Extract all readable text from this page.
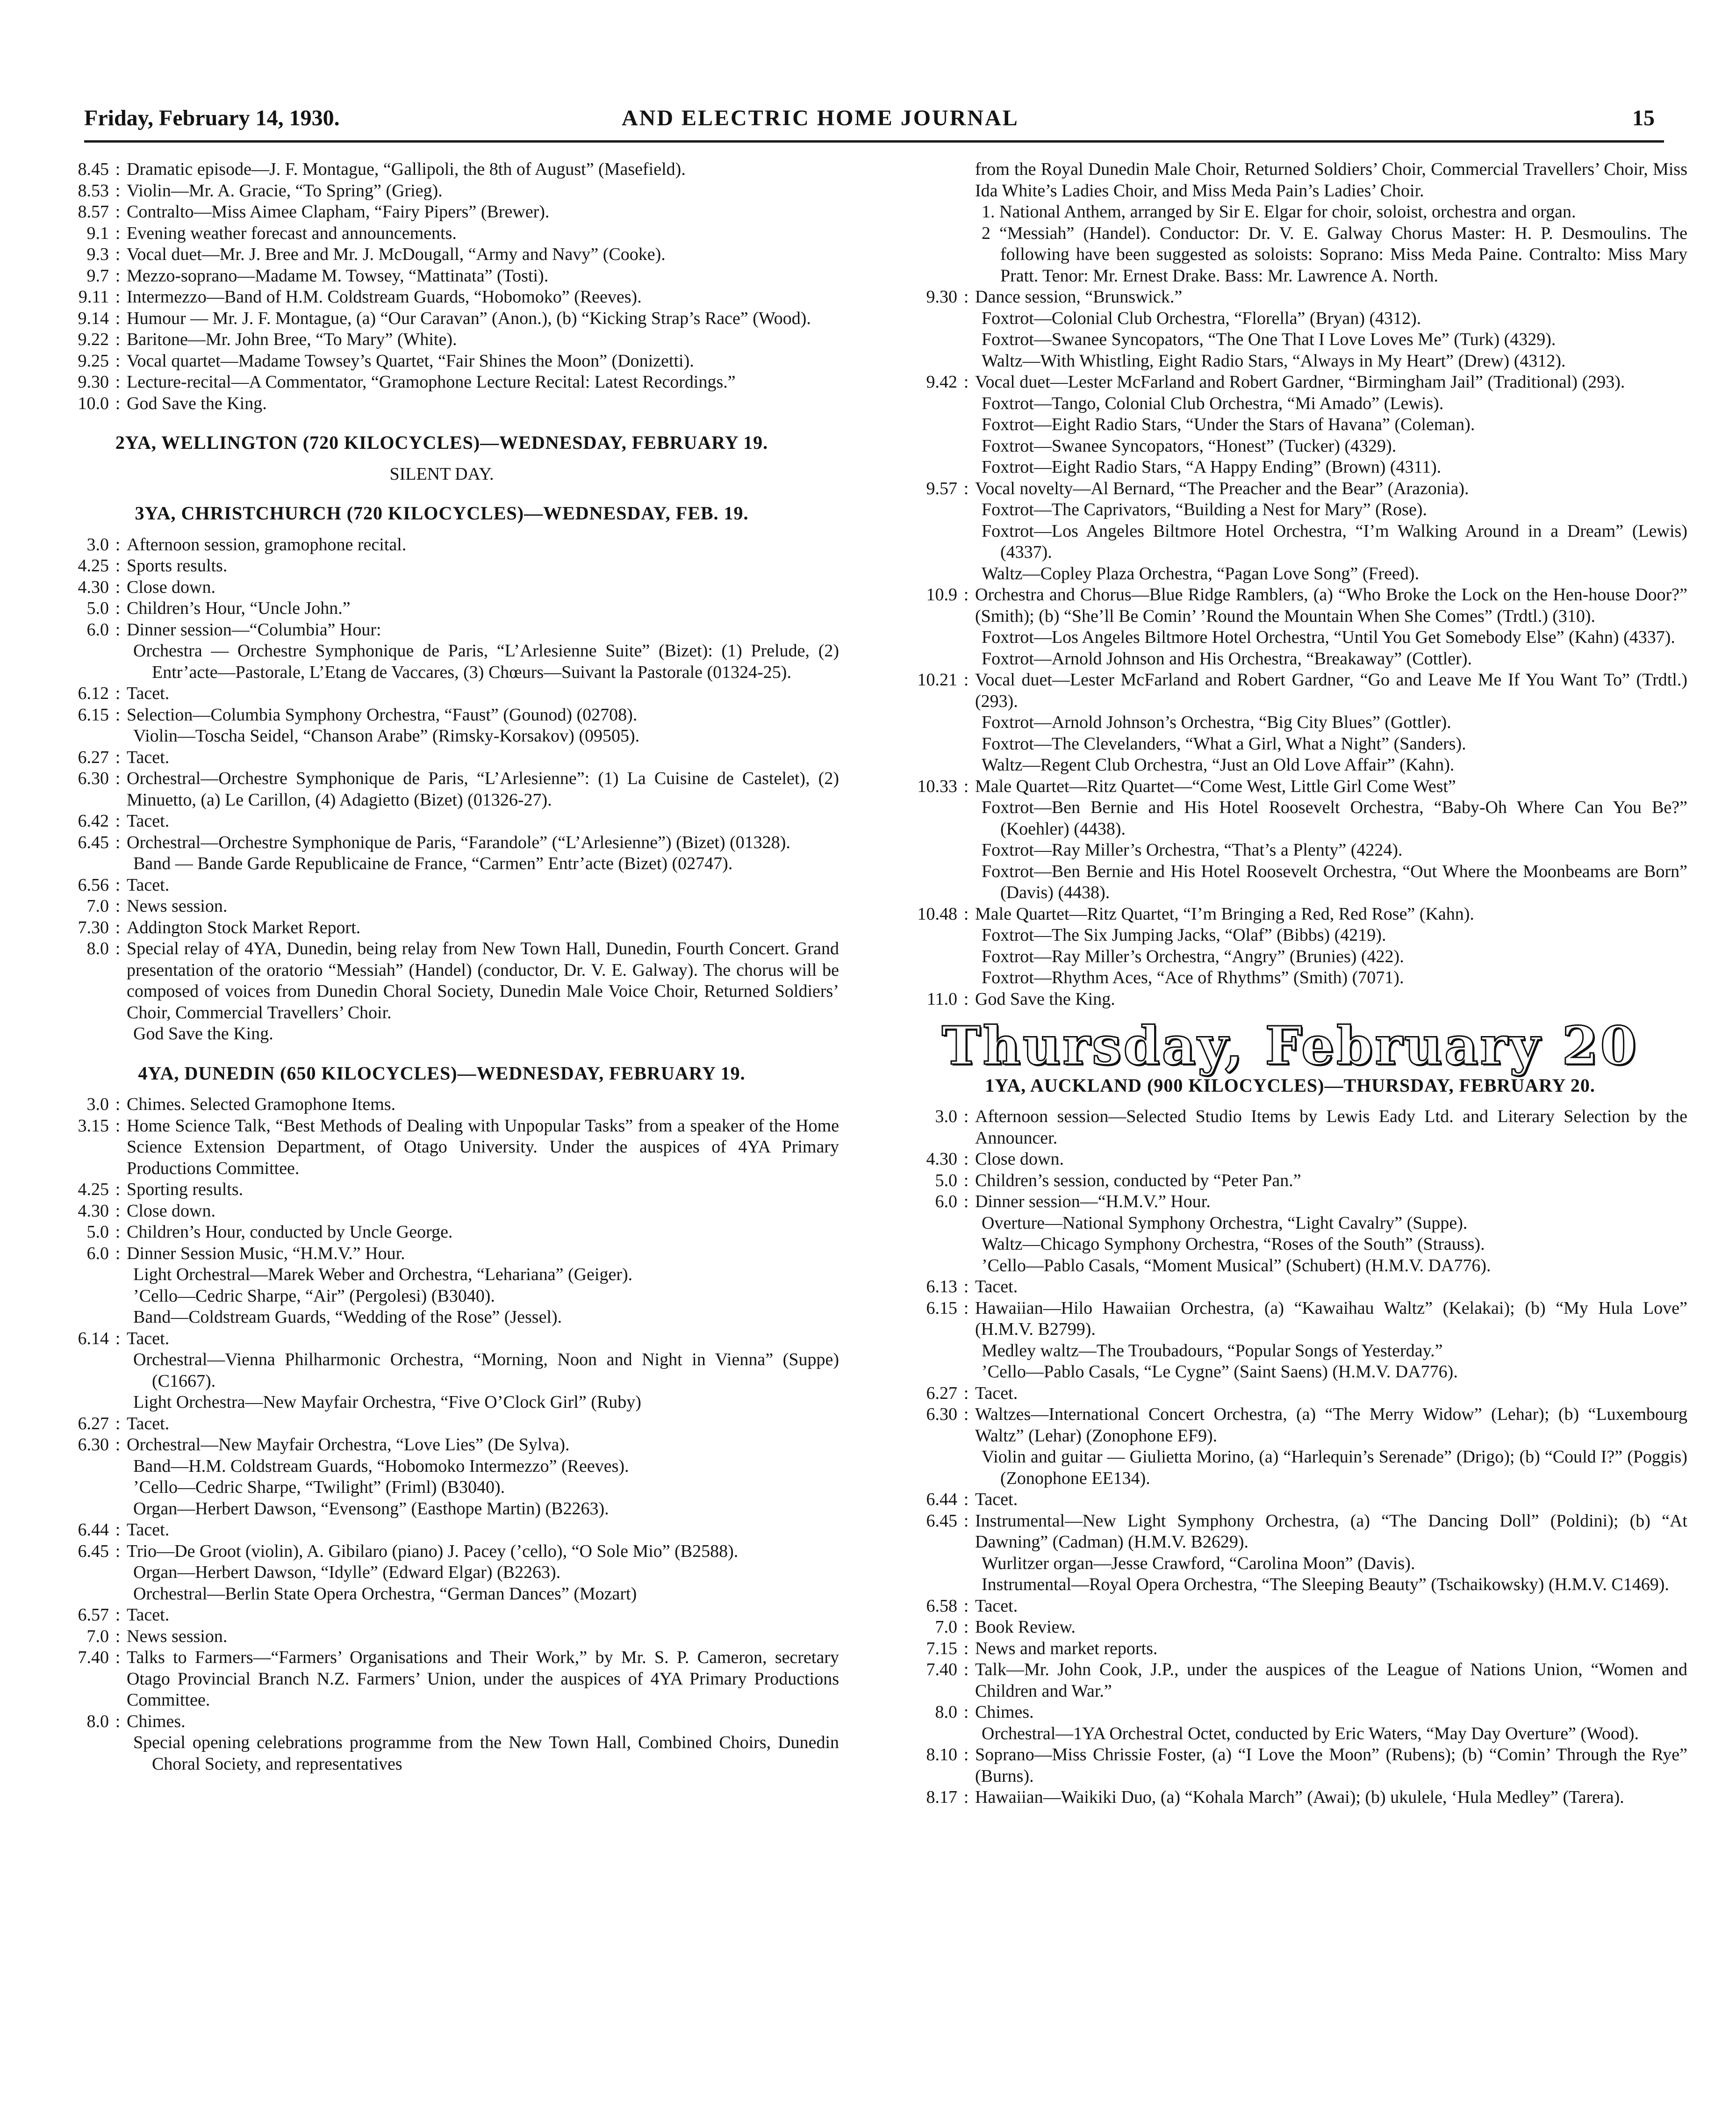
Friday, February 14, 1930.	AND ELECTRIC HOME JOURNAL	15
8.45 : Dramatic episode—J. F. Montague, “Gallipoli, the 8th of August” (Masefield).
8.53 : Violin—Mr. A. Gracie, “To Spring” (Grieg).
8.57 : Contralto—Miss Aimee Clapham, “Fairy Pipers” (Brewer).
9.1 : Evening weather forecast and announcements.
9.3 : Vocal duet—Mr. J. Bree and Mr. J. McDougall, “Army and Navy” (Cooke).
9.7 : Mezzo-soprano—Madame M. Towsey, “Mattinata” (Tosti).
9.11 : Intermezzo—Band of H.M. Coldstream Guards, “Hobomoko” (Reeves).
9.14 : Humour — Mr. J. F. Montague, (a) “Our Caravan” (Anon.), (b) “Kicking Strap’s Race” (Wood).
9.22 : Baritone—Mr. John Bree, “To Mary” (White).
9.25 : Vocal quartet—Madame Towsey’s Quartet, “Fair Shines the Moon” (Donizetti).
9.30 : Lecture-recital—A Commentator, “Gramophone Lecture Recital: Latest Recordings.”
10.0 : God Save the King.
2YA, WELLINGTON (720 KILOCYCLES)—WEDNESDAY, FEBRUARY 19.
SILENT DAY.
3YA, CHRISTCHURCH (720 KILOCYCLES)—WEDNESDAY, FEB. 19.
3.0 : Afternoon session, gramophone recital.
4.25 : Sports results.
4.30 : Close down.
5.0 : Children’s Hour, “Uncle John.”
6.0 : Dinner session—“Columbia” Hour:
Orchestra — Orchestre Symphonique de Paris, “L’Arlesienne Suite” (Bizet): (1) Prelude, (2) Entr’acte—Pastorale, L’Etang de Vaccares, (3) Chœurs—Suivant la Pastorale (01324-25).
6.12 : Tacet.
6.15 : Selection—Columbia Symphony Orchestra, “Faust” (Gounod) (02708).
Violin—Toscha Seidel, “Chanson Arabe” (Rimsky-Korsakov) (09505).
6.27 : Tacet.
6.30 : Orchestral—Orchestre Symphonique de Paris, “L’Arlesienne”: (1) La Cuisine de Castelet), (2) Minuetto, (a) Le Carillon, (4) Adagietto (Bizet) (01326-27).
6.42 : Tacet.
6.45 : Orchestral—Orchestre Symphonique de Paris, “Farandole” (“L’Arlesienne”) (Bizet) (01328).
Band — Bande Garde Republicaine de France, “Carmen” Entr’acte (Bizet) (02747).
6.56 : Tacet.
7.0 : News session.
7.30 : Addington Stock Market Report.
8.0 : Special relay of 4YA, Dunedin, being relay from New Town Hall, Dunedin, Fourth Concert. Grand presentation of the oratorio “Messiah” (Handel) (conductor, Dr. V. E. Galway). The chorus will be composed of voices from Dunedin Choral Society, Dunedin Male Voice Choir, Returned Soldiers’ Choir, Commercial Travellers’ Choir.
God Save the King.
4YA, DUNEDIN (650 KILOCYCLES)—WEDNESDAY, FEBRUARY 19.
3.0 : Chimes. Selected Gramophone Items.
3.15 : Home Science Talk, “Best Methods of Dealing with Unpopular Tasks” from a speaker of the Home Science Extension Department, of Otago University. Under the auspices of 4YA Primary Productions Committee.
4.25 : Sporting results.
4.30 : Close down.
5.0 : Children’s Hour, conducted by Uncle George.
6.0 : Dinner Session Music, “H.M.V.” Hour.
Light Orchestral—Marek Weber and Orchestra, “Lehariana” (Geiger).
’Cello—Cedric Sharpe, “Air” (Pergolesi) (B3040).
Band—Coldstream Guards, “Wedding of the Rose” (Jessel).
6.14 : Tacet.
Orchestral—Vienna Philharmonic Orchestra, “Morning, Noon and Night in Vienna” (Suppe) (C1667).
Light Orchestra—New Mayfair Orchestra, “Five O’Clock Girl” (Ruby)
6.27 : Tacet.
6.30 : Orchestral—New Mayfair Orchestra, “Love Lies” (De Sylva).
Band—H.M. Coldstream Guards, “Hobomoko Intermezzo” (Reeves).
’Cello—Cedric Sharpe, “Twilight” (Friml) (B3040).
Organ—Herbert Dawson, “Evensong” (Easthope Martin) (B2263).
6.44 : Tacet.
6.45 : Trio—De Groot (violin), A. Gibilaro (piano) J. Pacey (’cello), “O Sole Mio” (B2588).
Organ—Herbert Dawson, “Idylle” (Edward Elgar) (B2263).
Orchestral—Berlin State Opera Orchestra, “German Dances” (Mozart)
6.57 : Tacet.
7.0 : News session.
7.40 : Talks to Farmers—“Farmers’ Organisations and Their Work,” by Mr. S. P. Cameron, secretary Otago Provincial Branch N.Z. Farmers’ Union, under the auspices of 4YA Primary Productions Committee.
8.0 : Chimes.
Special opening celebrations programme from the New Town Hall, Combined Choirs, Dunedin Choral Society, and representatives
from the Royal Dunedin Male Choir, Returned Soldiers’ Choir, Commercial Travellers’ Choir, Miss Ida White’s Ladies Choir, and Miss Meda Pain’s Ladies’ Choir.
1. National Anthem, arranged by Sir E. Elgar for choir, soloist, orchestra and organ.
2 “Messiah” (Handel). Conductor: Dr. V. E. Galway Chorus Master: H. P. Desmoulins. The following have been suggested as soloists: Soprano: Miss Meda Paine. Contralto: Miss Mary Pratt. Tenor: Mr. Ernest Drake. Bass: Mr. Lawrence A. North.
9.30 : Dance session, “Brunswick.”
Foxtrot—Colonial Club Orchestra, “Florella” (Bryan) (4312).
Foxtrot—Swanee Syncopators, “The One That I Love Loves Me” (Turk) (4329).
Waltz—With Whistling, Eight Radio Stars, “Always in My Heart” (Drew) (4312).
9.42 : Vocal duet—Lester McFarland and Robert Gardner, “Birmingham Jail” (Traditional) (293).
Foxtrot—Tango, Colonial Club Orchestra, “Mi Amado” (Lewis).
Foxtrot—Eight Radio Stars, “Under the Stars of Havana” (Coleman).
Foxtrot—Swanee Syncopators, “Honest” (Tucker) (4329).
Foxtrot—Eight Radio Stars, “A Happy Ending” (Brown) (4311).
9.57 : Vocal novelty—Al Bernard, “The Preacher and the Bear” (Arazonia).
Foxtrot—The Caprivators, “Building a Nest for Mary” (Rose).
Foxtrot—Los Angeles Biltmore Hotel Orchestra, “I’m Walking Around in a Dream” (Lewis) (4337).
Waltz—Copley Plaza Orchestra, “Pagan Love Song” (Freed).
10.9 : Orchestra and Chorus—Blue Ridge Ramblers, (a) “Who Broke the Lock on the Hen-house Door?” (Smith); (b) “She’ll Be Comin’ ’Round the Mountain When She Comes” (Trdtl.) (310).
Foxtrot—Los Angeles Biltmore Hotel Orchestra, “Until You Get Somebody Else” (Kahn) (4337).
Foxtrot—Arnold Johnson and His Orchestra, “Breakaway” (Cottler).
10.21 : Vocal duet—Lester McFarland and Robert Gardner, “Go and Leave Me If You Want To” (Trdtl.) (293).
Foxtrot—Arnold Johnson’s Orchestra, “Big City Blues” (Gottler).
Foxtrot—The Clevelanders, “What a Girl, What a Night” (Sanders).
Waltz—Regent Club Orchestra, “Just an Old Love Affair” (Kahn).
10.33 : Male Quartet—Ritz Quartet—“Come West, Little Girl Come West”
Foxtrot—Ben Bernie and His Hotel Roosevelt Orchestra, “Baby-Oh Where Can You Be?” (Koehler) (4438).
Foxtrot—Ray Miller’s Orchestra, “That’s a Plenty” (4224).
Foxtrot—Ben Bernie and His Hotel Roosevelt Orchestra, “Out Where the Moonbeams are Born” (Davis) (4438).
10.48 : Male Quartet—Ritz Quartet, “I’m Bringing a Red, Red Rose” (Kahn).
Foxtrot—The Six Jumping Jacks, “Olaf” (Bibbs) (4219).
Foxtrot—Ray Miller’s Orchestra, “Angry” (Brunies) (422).
Foxtrot—Rhythm Aces, “Ace of Rhythms” (Smith) (7071).
11.0 : God Save the King.
Thursday, February 20
1YA, AUCKLAND (900 KILOCYCLES)—THURSDAY, FEBRUARY 20.
3.0 : Afternoon session—Selected Studio Items by Lewis Eady Ltd. and Literary Selection by the Announcer.
4.30 : Close down.
5.0 : Children’s session, conducted by “Peter Pan.”
6.0 : Dinner session—“H.M.V.” Hour.
Overture—National Symphony Orchestra, “Light Cavalry” (Suppe).
Waltz—Chicago Symphony Orchestra, “Roses of the South” (Strauss).
’Cello—Pablo Casals, “Moment Musical” (Schubert) (H.M.V. DA776).
6.13 : Tacet.
6.15 : Hawaiian—Hilo Hawaiian Orchestra, (a) “Kawaihau Waltz” (Kelakai); (b) “My Hula Love” (H.M.V. B2799).
Medley waltz—The Troubadours, “Popular Songs of Yesterday.”
’Cello—Pablo Casals, “Le Cygne” (Saint Saens) (H.M.V. DA776).
6.27 : Tacet.
6.30 : Waltzes—International Concert Orchestra, (a) “The Merry Widow” (Lehar); (b) “Luxembourg Waltz” (Lehar) (Zonophone EF9).
Violin and guitar — Giulietta Morino, (a) “Harlequin’s Serenade” (Drigo); (b) “Could I?” (Poggis) (Zonophone EE134).
6.44 : Tacet.
6.45 : Instrumental—New Light Symphony Orchestra, (a) “The Dancing Doll” (Poldini); (b) “At Dawning” (Cadman) (H.M.V. B2629).
Wurlitzer organ—Jesse Crawford, “Carolina Moon” (Davis).
Instrumental—Royal Opera Orchestra, “The Sleeping Beauty” (Tschaikowsky) (H.M.V. C1469).
6.58 : Tacet.
7.0 : Book Review.
7.15 : News and market reports.
7.40 : Talk—Mr. John Cook, J.P., under the auspices of the League of Nations Union, “Women and Children and War.”
8.0 : Chimes.
Orchestral—1YA Orchestral Octet, conducted by Eric Waters, “May Day Overture” (Wood).
8.10 : Soprano—Miss Chrissie Foster, (a) “I Love the Moon” (Rubens); (b) “Comin’ Through the Rye” (Burns).
8.17 : Hawaiian—Waikiki Duo, (a) “Kohala March” (Awai); (b) ukulele, ‘Hula Medley” (Tarera).
